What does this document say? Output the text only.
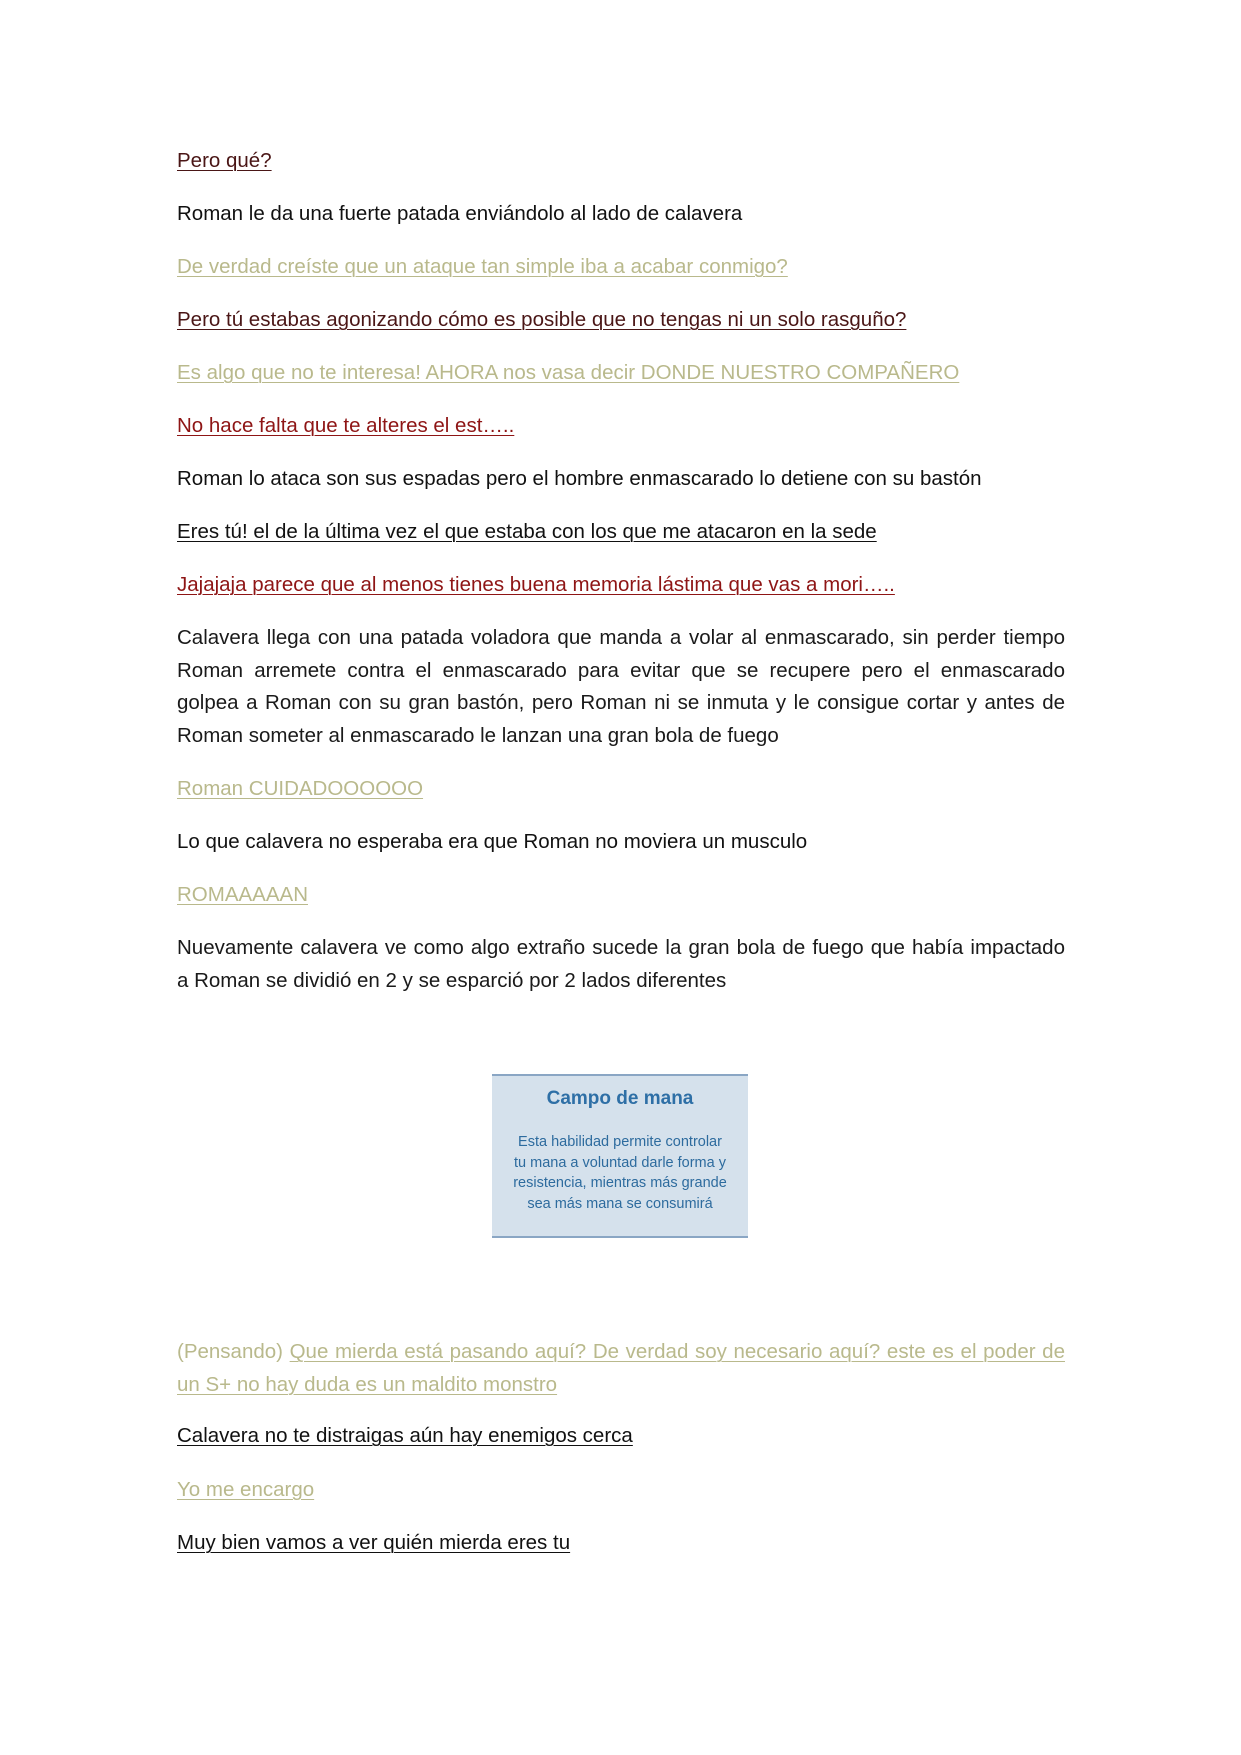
Pero qué?
Roman le da una fuerte patada enviándolo al lado de calavera
De verdad creíste que un ataque tan simple iba a acabar conmigo?
Pero tú estabas agonizando cómo es posible que no tengas ni un solo rasguño?
Es algo que no te interesa! AHORA nos vasa decir DONDE NUESTRO COMPAÑERO
No hace falta que te alteres el est…..
Roman lo ataca son sus espadas pero el hombre enmascarado lo detiene con su bastón
Eres tú! el de la última vez el que estaba con los que me atacaron en la sede
Jajajaja parece que al menos tienes buena memoria lástima que vas a mori…..
Calavera llega con una patada voladora que manda a volar al enmascarado, sin perder tiempo
Roman arremete contra el enmascarado para evitar que se recupere pero el enmascarado
golpea a Roman con su gran bastón, pero Roman ni se inmuta y le consigue cortar y antes de
Roman someter al enmascarado le lanzan una gran bola de fuego
Roman CUIDADOOOOOO
Lo que calavera no esperaba era que Roman no moviera un musculo
ROMAAAAAN
Nuevamente calavera ve como algo extraño sucede la gran bola de fuego que había impactado
a Roman se dividió en 2 y se esparció por 2 lados diferentes
Campo de mana
Esta habilidad permite controlar
tu mana a voluntad darle forma y
resistencia, mientras más grande
sea más mana se consumirá
(Pensando) Que mierda está pasando aquí? De verdad soy necesario aquí? este es el poder de
un S+ no hay duda es un maldito monstro
Calavera no te distraigas aún hay enemigos cerca
Yo me encargo
Muy bien vamos a ver quién mierda eres tu
